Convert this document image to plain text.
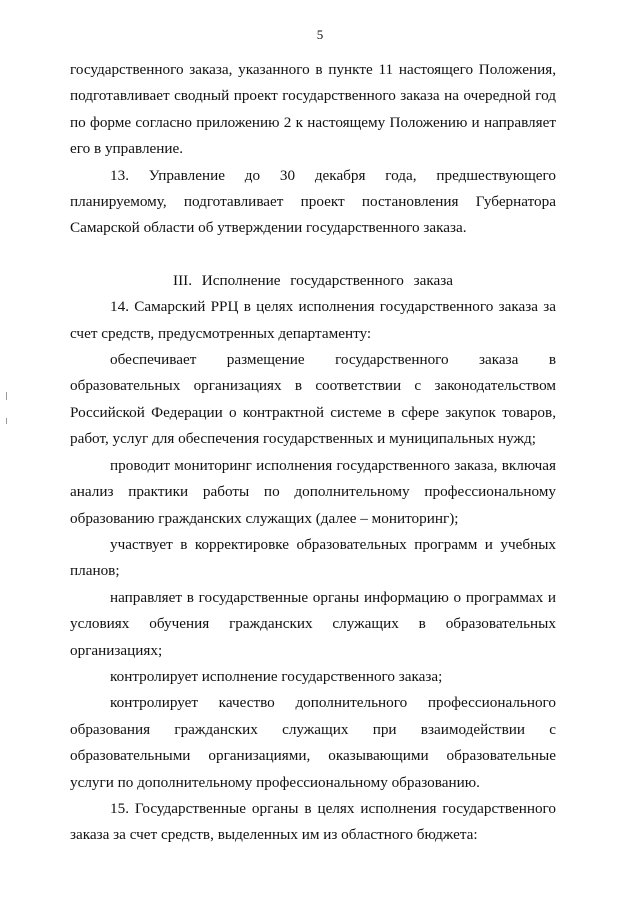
5

государственного заказа, указанного в пункте 11 настоящего Положения, подготавливает сводный проект государственного заказа на очередной год по форме согласно приложению 2 к настоящему Положению и направляет его в управление.

13. Управление до 30 декабря года, предшествующего планируемому, подготавливает проект постановления Губернатора Самарской области об утверждении государственного заказа.

III. Исполнение государственного заказа

14. Самарский РРЦ в целях исполнения государственного заказа за счет средств, предусмотренных департаменту:

обеспечивает размещение государственного заказа в образовательных организациях в соответствии с законодательством Российской Федерации о контрактной системе в сфере закупок товаров, работ, услуг для обеспечения государственных и муниципальных нужд;

проводит мониторинг исполнения государственного заказа, включая анализ практики работы по дополнительному профессиональному образованию гражданских служащих (далее – мониторинг);

участвует в корректировке образовательных программ и учебных планов;

направляет в государственные органы информацию о программах и условиях обучения гражданских служащих в образовательных организациях;

контролирует исполнение государственного заказа;

контролирует качество дополнительного профессионального образования гражданских служащих при взаимодействии с образовательными организациями, оказывающими образовательные услуги по дополнительному профессиональному образованию.

15. Государственные органы в целях исполнения государственного заказа за счет средств, выделенных им из областного бюджета:
